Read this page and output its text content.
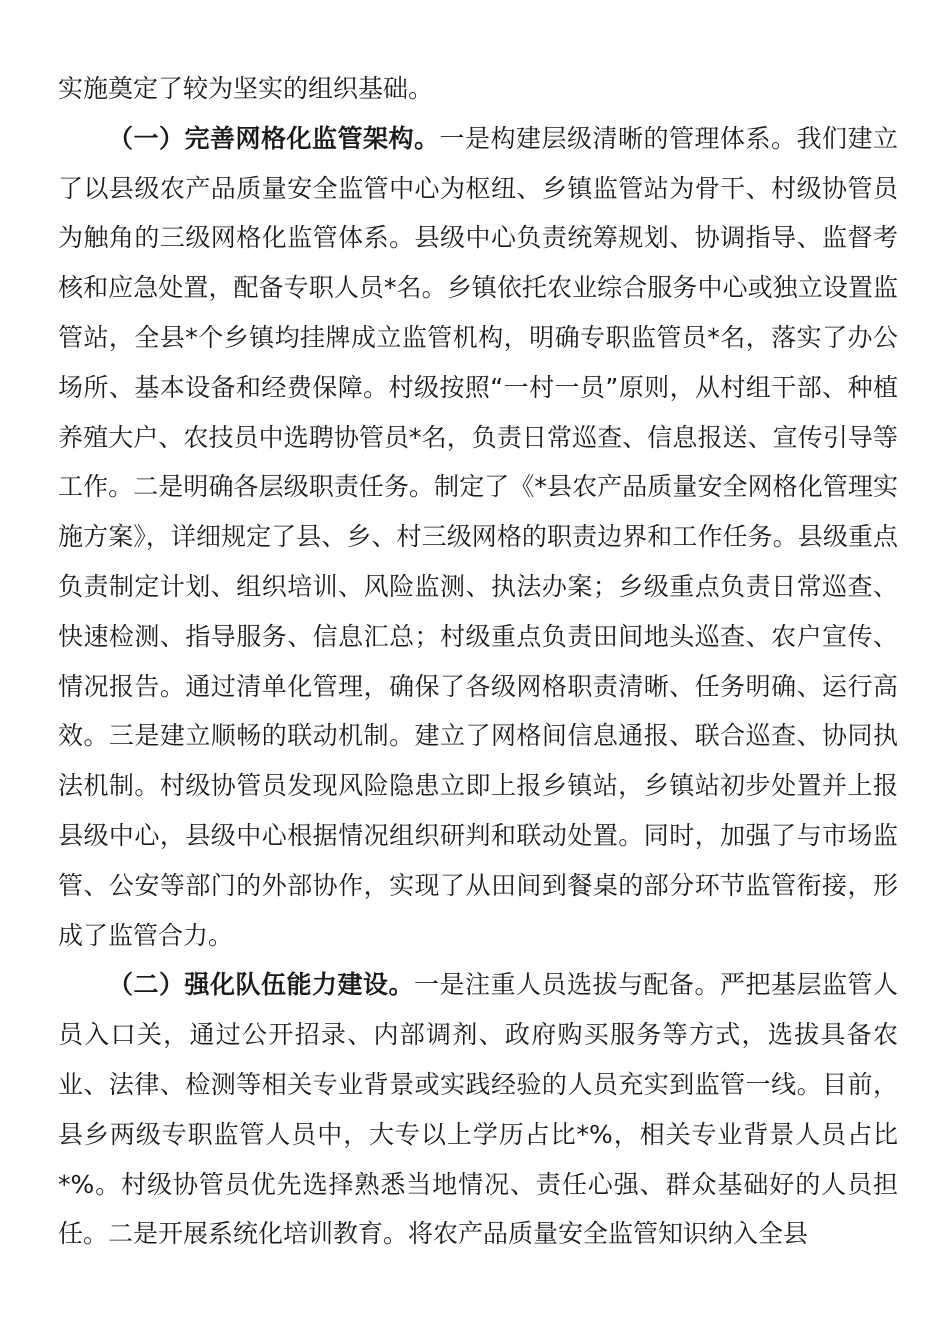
实施奠定了较为坚实的组织基础。

（一）完善网格化监管架构。一是构建层级清晰的管理体系。我们建立了以县级农产品质量安全监管中心为枢纽、乡镇监管站为骨干、村级协管员为触角的三级网格化监管体系。县级中心负责统筹规划、协调指导、监督考核和应急处置，配备专职人员*名。乡镇依托农业综合服务中心或独立设置监管站，全县*个乡镇均挂牌成立监管机构，明确专职监管员*名，落实了办公场所、基本设备和经费保障。村级按照“一村一员”原则，从村组干部、种植养殖大户、农技员中选聘协管员*名，负责日常巡查、信息报送、宣传引导等工作。二是明确各层级职责任务。制定了《*县农产品质量安全网格化管理实施方案》，详细规定了县、乡、村三级网格的职责边界和工作任务。县级重点负责制定计划、组织培训、风险监测、执法办案；乡级重点负责日常巡查、快速检测、指导服务、信息汇总；村级重点负责田间地头巡查、农户宣传、情况报告。通过清单化管理，确保了各级网格职责清晰、任务明确、运行高效。三是建立顺畅的联动机制。建立了网格间信息通报、联合巡查、协同执法机制。村级协管员发现风险隐患立即上报乡镇站，乡镇站初步处置并上报县级中心，县级中心根据情况组织研判和联动处置。同时，加强了与市场监管、公安等部门的外部协作，实现了从田间到餐桌的部分环节监管衔接，形成了监管合力。

（二）强化队伍能力建设。一是注重人员选拔与配备。严把基层监管人员入口关，通过公开招录、内部调剂、政府购买服务等方式，选拔具备农业、法律、检测等相关专业背景或实践经验的人员充实到监管一线。目前，县乡两级专职监管人员中，大专以上学历占比*%，相关专业背景人员占比*%。村级协管员优先选择熟悉当地情况、责任心强、群众基础好的人员担任。二是开展系统化培训教育。将农产品质量安全监管知识纳入全县
